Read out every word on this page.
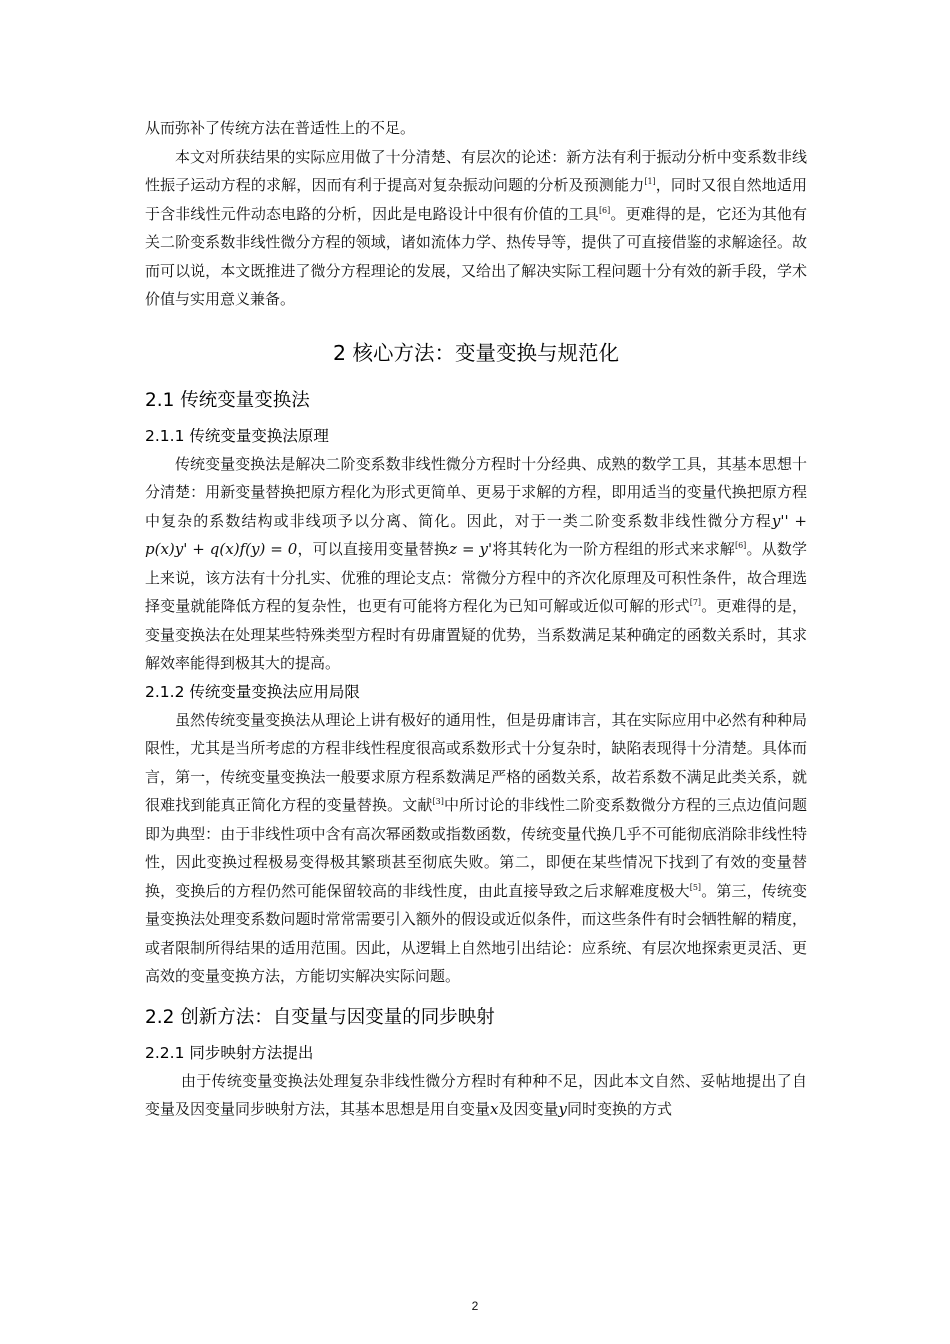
从而弥补了传统方法在普适性上的不足。

本文对所获结果的实际应用做了十分清楚、有层次的论述：新方法有利于振动分析中变系数非线性振子运动方程的求解，因而有利于提高对复杂振动问题的分析及预测能力[1]，同时又很自然地适用于含非线性元件动态电路的分析，因此是电路设计中很有价值的工具[6]。更难得的是，它还为其他有关二阶变系数非线性微分方程的领域，诸如流体力学、热传导等，提供了可直接借鉴的求解途径。故而可以说，本文既推进了微分方程理论的发展，又给出了解决实际工程问题十分有效的新手段，学术价值与实用意义兼备。

2 核心方法：变量变换与规范化
2.1 传统变量变换法
2.1.1 传统变量变换法原理

传统变量变换法是解决二阶变系数非线性微分方程时十分经典、成熟的数学工具，其基本思想十分清楚：用新变量替换把原方程化为形式更简单、更易于求解的方程，即用适当的变量代换把原方程中复杂的系数结构或非线项予以分离、简化。因此，对于一类二阶变系数非线性微分方程y'' + p(x)y' + q(x)f(y) = 0，可以直接用变量替换z = y'将其转化为一阶方程组的形式来求解[6]。从数学上来说，该方法有十分扎实、优雅的理论支点：常微分方程中的齐次化原理及可积性条件，故合理选择变量就能降低方程的复杂性，也更有可能将方程化为已知可解或近似可解的形式[7]。更难得的是，变量变换法在处理某些特殊类型方程时有毋庸置疑的优势，当系数满足某种确定的函数关系时，其求解效率能得到极其大的提高。

2.1.2 传统变量变换法应用局限

虽然传统变量变换法从理论上讲有极好的通用性，但是毋庸讳言，其在实际应用中必然有种种局限性，尤其是当所考虑的方程非线性程度很高或系数形式十分复杂时，缺陷表现得十分清楚。具体而言，第一，传统变量变换法一般要求原方程系数满足严格的函数关系，故若系数不满足此类关系，就很难找到能真正简化方程的变量替换。文献[3]中所讨论的非线性二阶变系数微分方程的三点边值问题即为典型：由于非线性项中含有高次幂函数或指数函数，传统变量代换几乎不可能彻底消除非线性特性，因此变换过程极易变得极其繁琐甚至彻底失败。第二，即便在某些情况下找到了有效的变量替换，变换后的方程仍然可能保留较高的非线性度，由此直接导致之后求解难度极大[5]。第三，传统变量变换法处理变系数问题时常常需要引入额外的假设或近似条件，而这些条件有时会牺牲解的精度，或者限制所得结果的适用范围。因此，从逻辑上自然地引出结论：应系统、有层次地探索更灵活、更高效的变量变换方法，方能切实解决实际问题。

2.2 创新方法：自变量与因变量的同步映射
2.2.1 同步映射方法提出

由于传统变量变换法处理复杂非线性微分方程时有种种不足，因此本文自然、妥帖地提出了自变量及因变量同步映射方法，其基本思想是用自变量x及因变量y同时变换的方式

2
